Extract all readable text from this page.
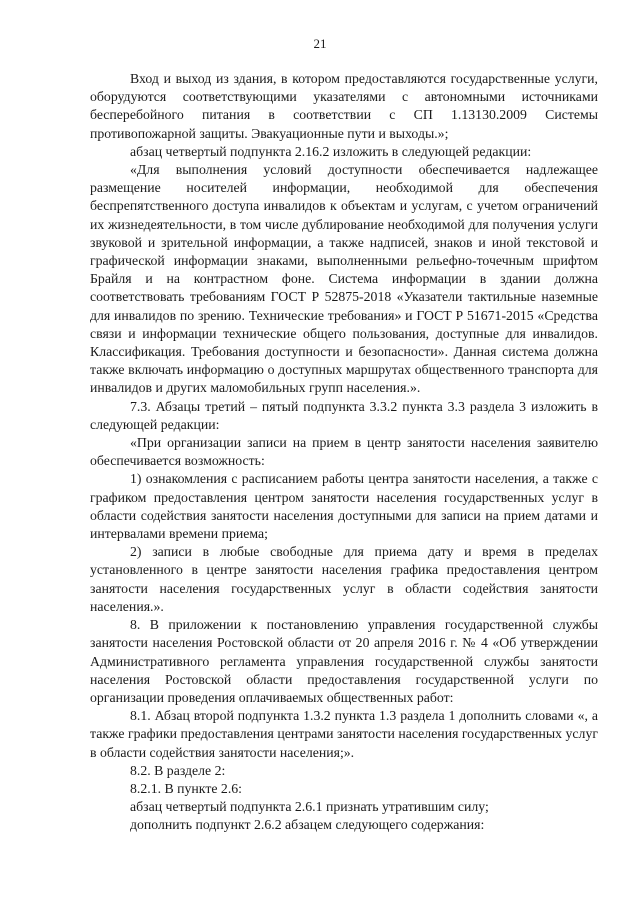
21

Вход и выход из здания, в котором предоставляются государственные услуги, оборудуются соответствующими указателями с автономными источниками бесперебойного питания в соответствии с СП 1.13130.2009 Системы противопожарной защиты. Эвакуационные пути и выходы.»;

абзац четвертый подпункта 2.16.2 изложить в следующей редакции:

«Для выполнения условий доступности обеспечивается надлежащее размещение носителей информации, необходимой для обеспечения беспрепятственного доступа инвалидов к объектам и услугам, с учетом ограничений их жизнедеятельности, в том числе дублирование необходимой для получения услуги звуковой и зрительной информации, а также надписей, знаков и иной текстовой и графической информации знаками, выполненными рельефно-точечным шрифтом Брайля и на контрастном фоне. Система информации в здании должна соответствовать требованиям ГОСТ Р 52875-2018 «Указатели тактильные наземные для инвалидов по зрению. Технические требования» и ГОСТ Р 51671-2015 «Средства связи и информации технические общего пользования, доступные для инвалидов. Классификация. Требования доступности и безопасности». Данная система должна также включать информацию о доступных маршрутах общественного транспорта для инвалидов и других маломобильных групп населения.».

7.3. Абзацы третий – пятый подпункта 3.3.2 пункта 3.3 раздела 3 изложить в следующей редакции:

«При организации записи на прием в центр занятости населения заявителю обеспечивается возможность:

1) ознакомления с расписанием работы центра занятости населения, а также с графиком предоставления центром занятости населения государственных услуг в области содействия занятости населения доступными для записи на прием датами и интервалами времени приема;

2) записи в любые свободные для приема дату и время в пределах установленного в центре занятости населения графика предоставления центром занятости населения государственных услуг в области содействия занятости населения.».

8. В приложении к постановлению управления государственной службы занятости населения Ростовской области от 20 апреля 2016 г. № 4 «Об утверждении Административного регламента управления государственной службы занятости населения Ростовской области предоставления государственной услуги по организации проведения оплачиваемых общественных работ:

8.1. Абзац второй подпункта 1.3.2 пункта 1.3 раздела 1 дополнить словами «, а также графики предоставления центрами занятости населения государственных услуг в области содействия занятости населения;».

8.2. В разделе 2:

8.2.1. В пункте 2.6:

абзац четвертый подпункта 2.6.1 признать утратившим силу;

дополнить подпункт 2.6.2 абзацем следующего содержания:
